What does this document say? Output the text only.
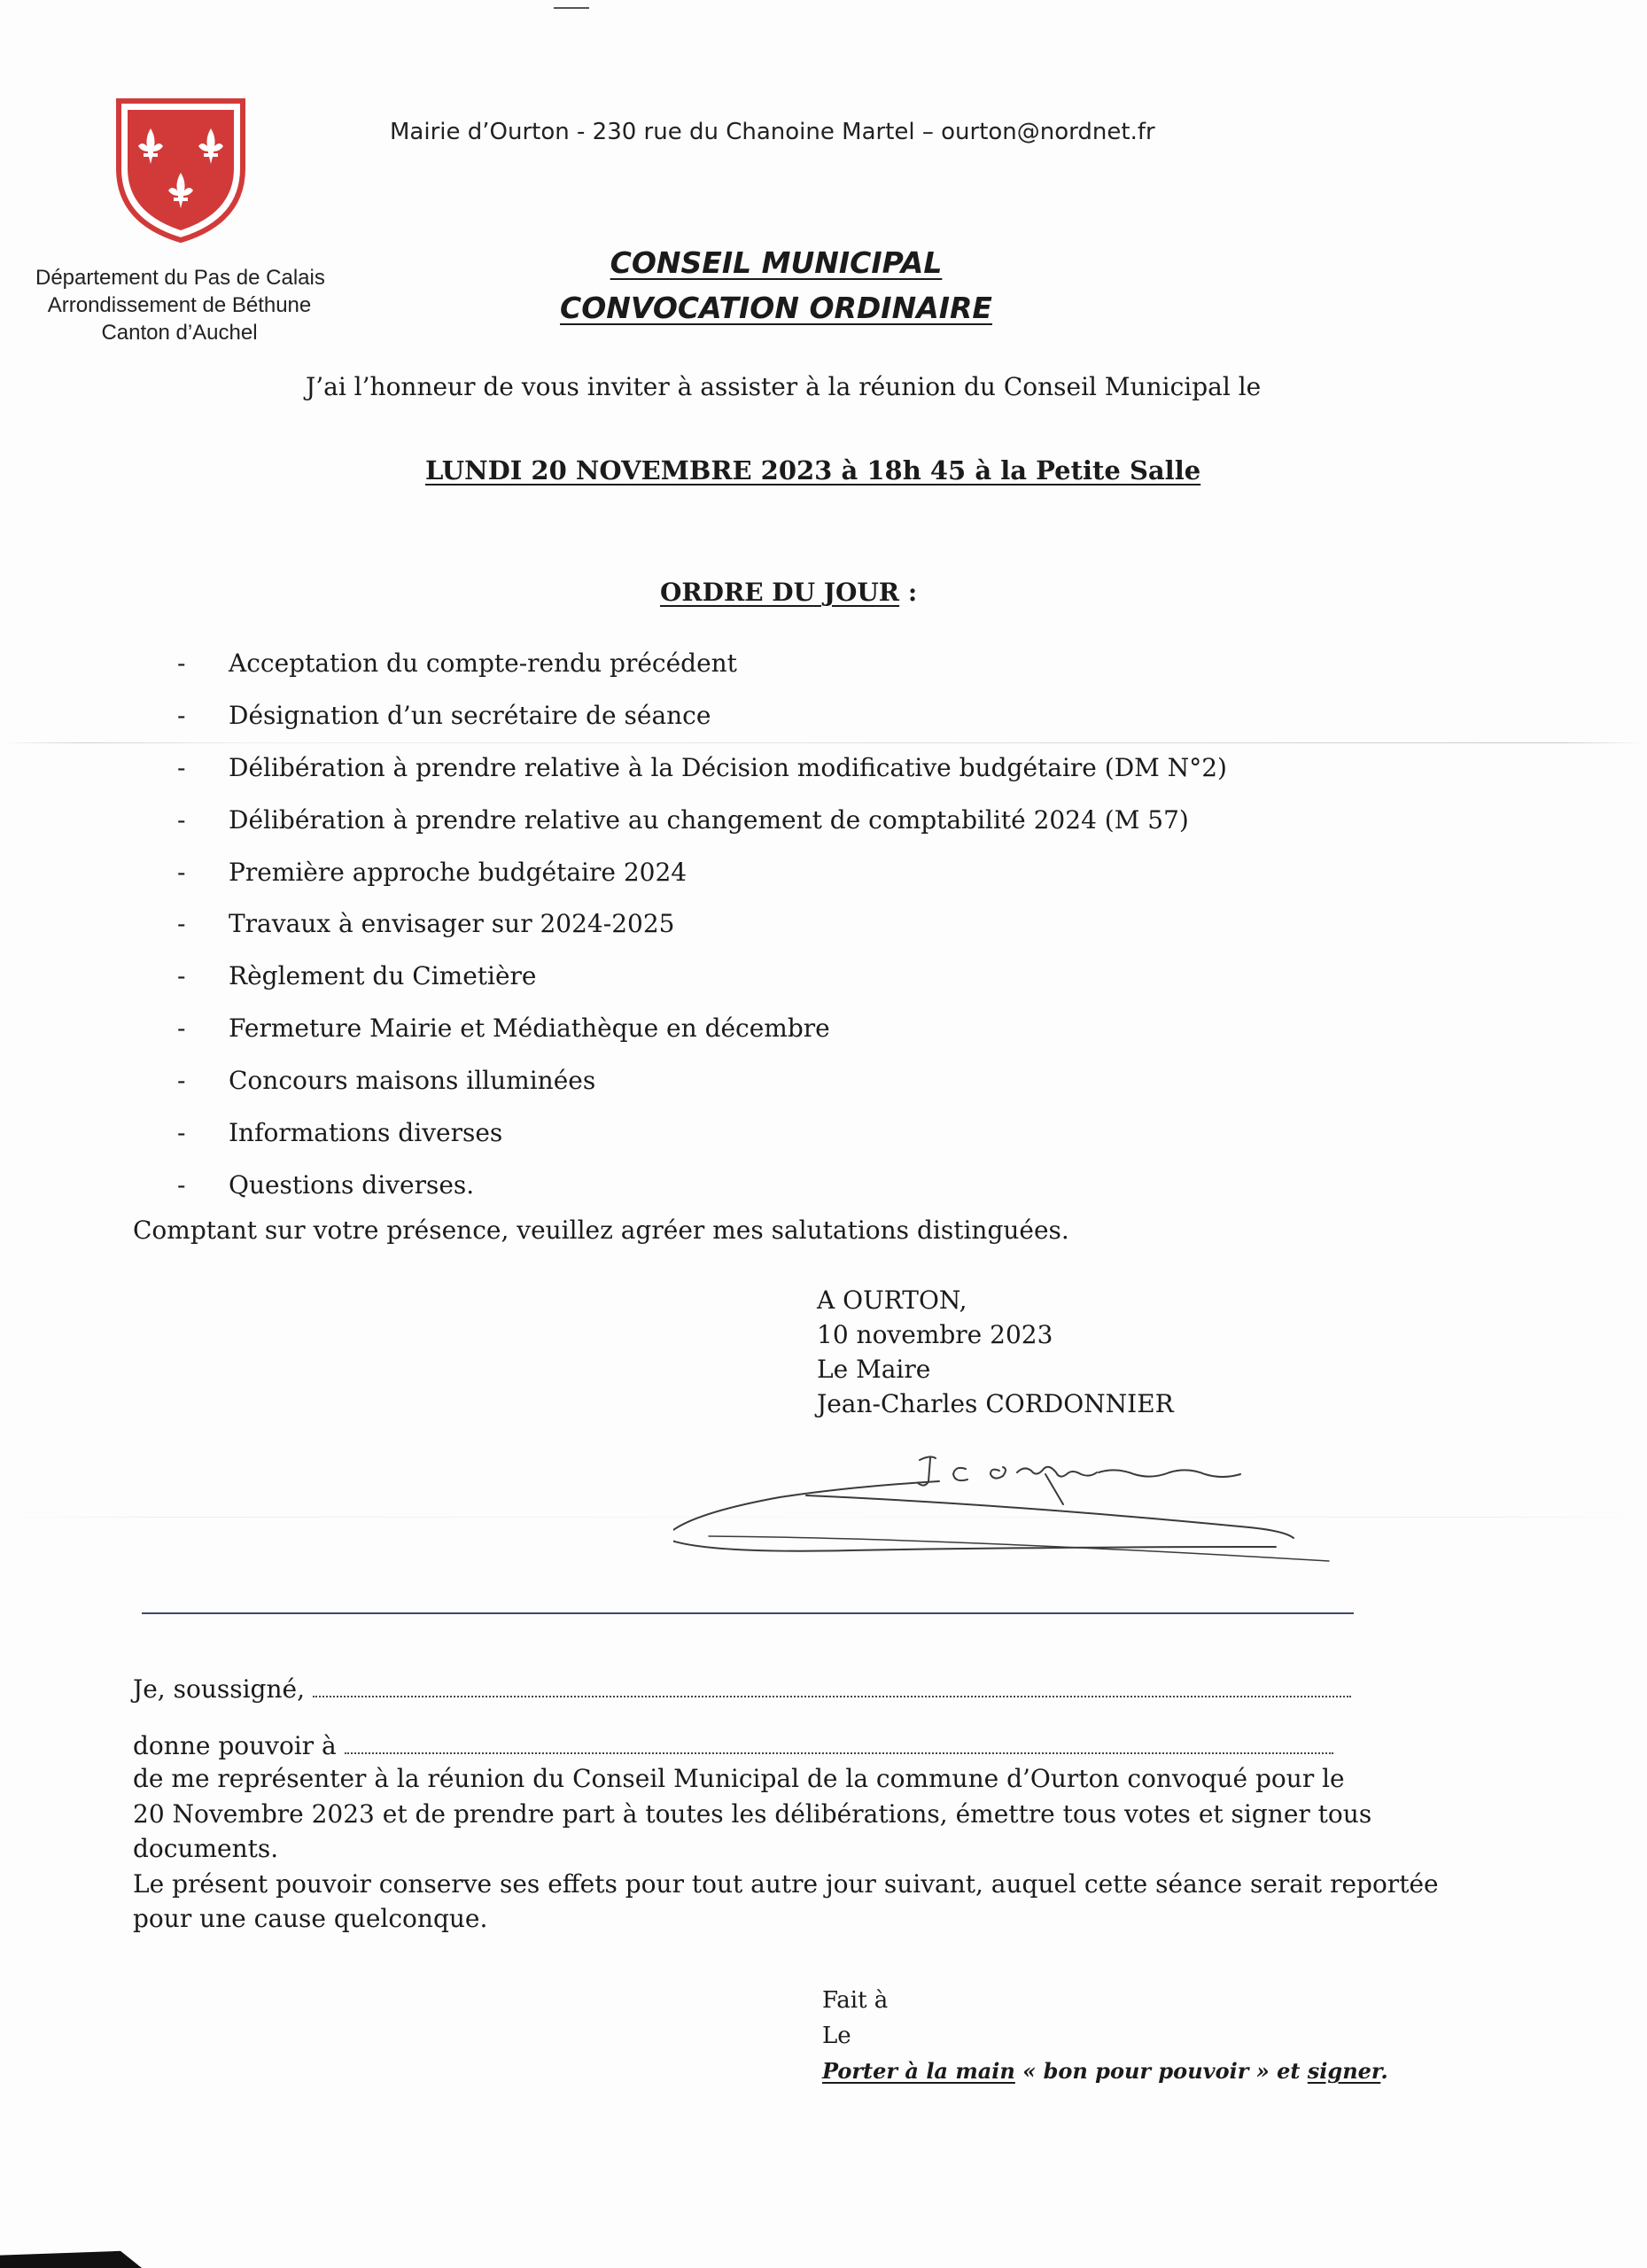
Département du Pas de Calais
Arrondissement de Béthune
Canton d’Auchel
Mairie d’Ourton - 230 rue du Chanoine Martel – ourton@nordnet.fr
CONSEIL MUNICIPAL
CONVOCATION ORDINAIRE
J’ai l’honneur de vous inviter à assister à la réunion du Conseil Municipal le
LUNDI 20 NOVEMBRE 2023 à 18h 45 à la Petite Salle
ORDRE DU JOUR :
- Acceptation du compte-rendu précédent
- Désignation d’un secrétaire de séance
- Délibération à prendre relative à la Décision modificative budgétaire (DM N°2)
- Délibération à prendre relative au changement de comptabilité 2024 (M 57)
- Première approche budgétaire 2024
- Travaux à envisager sur 2024-2025
- Règlement du Cimetière
- Fermeture Mairie et Médiathèque en décembre
- Concours maisons illuminées
- Informations diverses
- Questions diverses.
Comptant sur votre présence, veuillez agréer mes salutations distinguées.
A OURTON,
10 novembre 2023
Le Maire
Jean-Charles CORDONNIER
Je, soussigné,
donne pouvoir à
de me représenter à la réunion du Conseil Municipal de la commune d’Ourton convoqué pour le
20 Novembre 2023 et de prendre part à toutes les délibérations, émettre tous votes et signer tous
documents.
Le présent pouvoir conserve ses effets pour tout autre jour suivant, auquel cette séance serait reportée
pour une cause quelconque.
Fait à
Le
Porter à la main « bon pour pouvoir » et signer.
